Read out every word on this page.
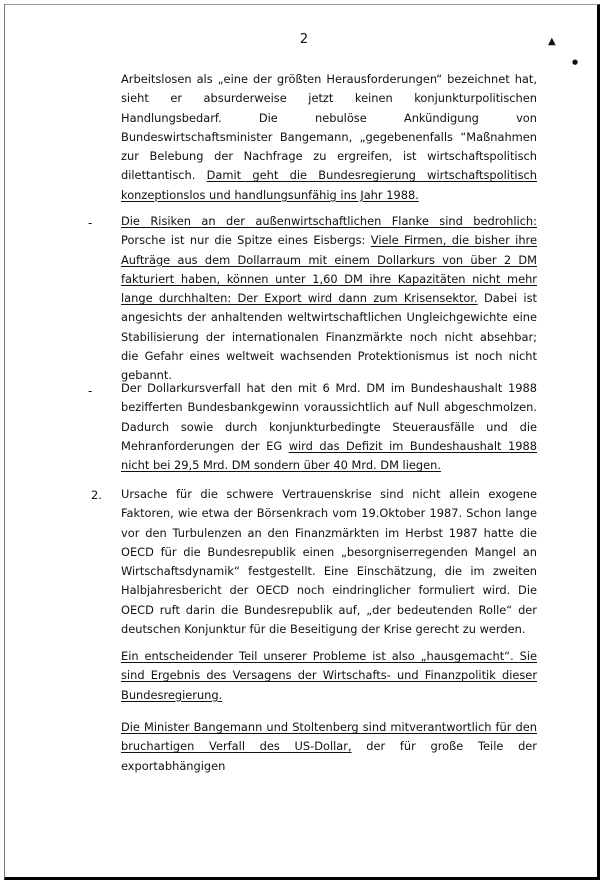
2	▲
●

Arbeitslosen als „eine der größten Herausforderungen“ bezeichnet hat, sieht er absurderweise jetzt keinen konjunkturpolitischen Handlungsbedarf. Die nebulöse Ankündigung von Bundeswirtschaftsminister Bangemann, „gegebenenfalls “Maßnahmen zur Belebung der Nachfrage zu ergreifen, ist wirtschaftspolitisch dilettantisch. Damit geht die Bundesregierung wirtschaftspolitisch konzeptionslos und handlungsunfähig ins Jahr 1988.

-	Die Risiken an der außenwirtschaftlichen Flanke sind bedrohlich: Porsche ist nur die Spitze eines Eisbergs: Viele Firmen, die bisher ihre Aufträge aus dem Dollarraum mit einem Dollarkurs von über 2 DM fakturiert haben, können unter 1,60 DM ihre Kapazitäten nicht mehr lange durchhalten: Der Export wird dann zum Krisensektor. Dabei ist angesichts der anhaltenden weltwirtschaftlichen Ungleichgewichte eine Stabilisierung der internationalen Finanzmärkte noch nicht absehbar; die Gefahr eines weltweit wachsenden Protektionismus ist noch nicht gebannt.

-	Der Dollarkursverfall hat den mit 6 Mrd. DM im Bundeshaushalt 1988 bezifferten Bundesbankgewinn voraussichtlich auf Null abgeschmolzen. Dadurch sowie durch konjunkturbedingte Steuerausfälle und die Mehranforderungen der EG wird das Defizit im Bundeshaushalt 1988 nicht bei 29,5 Mrd. DM sondern über 40 Mrd. DM liegen.

2. Ursache für die schwere Vertrauenskrise sind nicht allein exogene Faktoren, wie etwa der Börsenkrach vom 19.Oktober 1987. Schon lange vor den Turbulenzen an den Finanzmärkten im Herbst 1987 hatte die OECD für die Bundesrepublik einen „besorgniserregenden Mangel an Wirtschaftsdynamik“ festgestellt. Eine Einschätzung, die im zweiten Halbjahresbericht der OECD noch eindringlicher formuliert wird. Die OECD ruft darin die Bundesrepublik auf, „der bedeutenden Rolle“ der deutschen Konjunktur für die Beseitigung der Krise gerecht zu werden.

Ein entscheidender Teil unserer Probleme ist also „hausgemacht“. Sie sind Ergebnis des Versagens der Wirtschafts- und Finanzpolitik dieser Bundesregierung.

Die Minister Bangemann und Stoltenberg sind mitverantwortlich für den bruchartigen Verfall des US-Dollar, der für große Teile der exportabhängigen
